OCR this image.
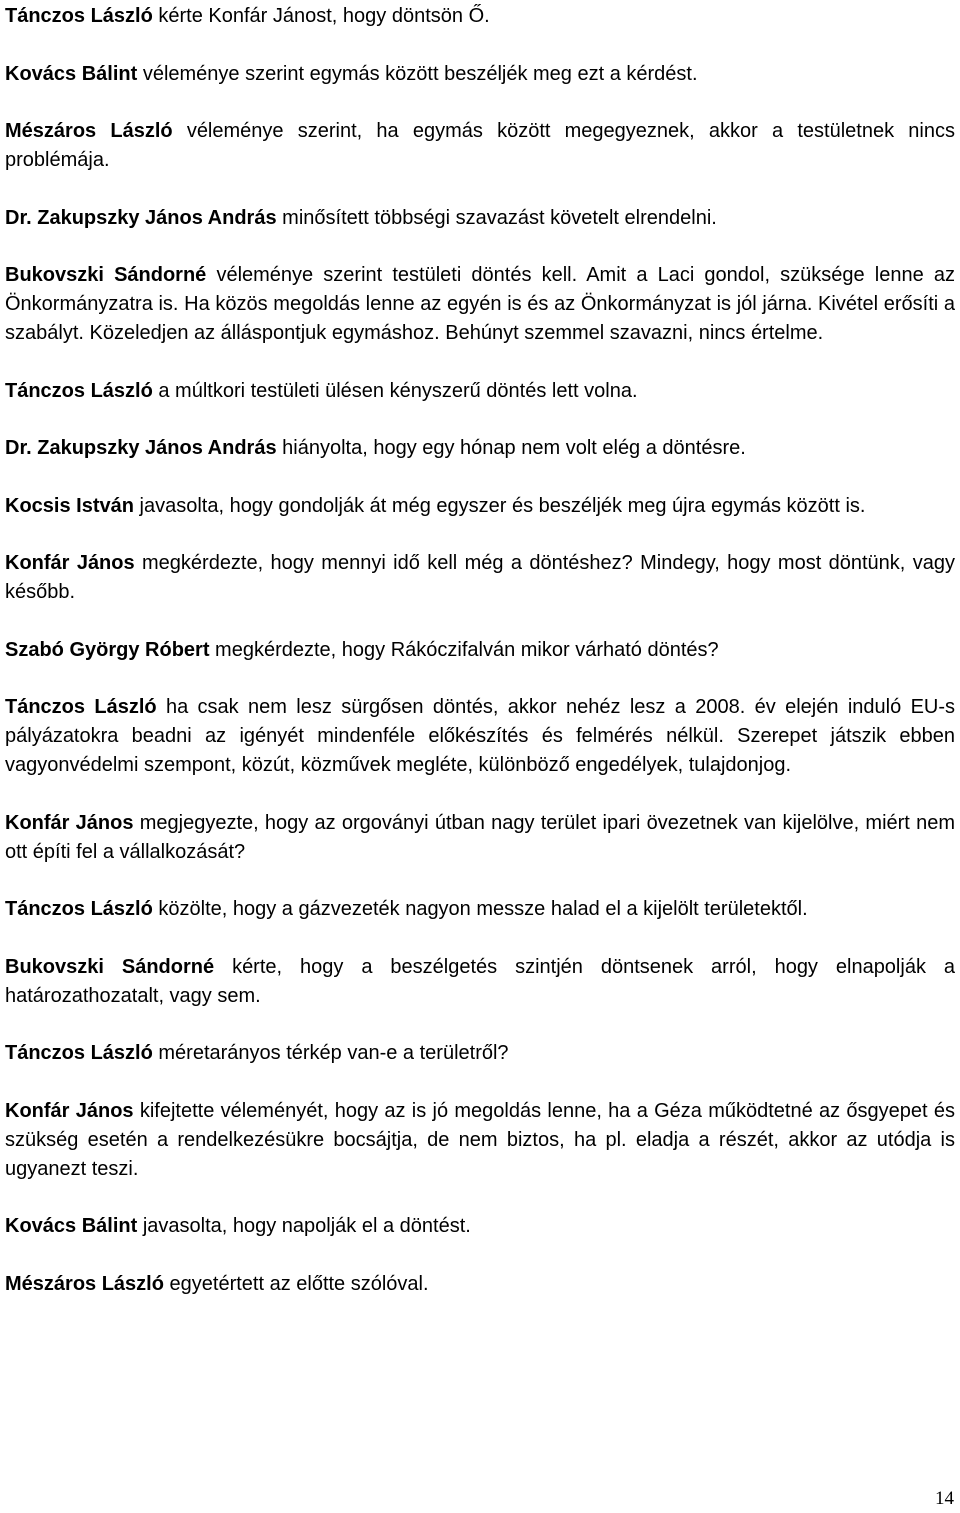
Tánczos László kérte Konfár Jánost, hogy döntsön Ő.

Kovács Bálint véleménye szerint egymás között beszéljék meg ezt a kérdést.

Mészáros László véleménye szerint, ha egymás között megegyeznek, akkor a testületnek nincs problémája.

Dr. Zakupszky János András minősített többségi szavazást követelt elrendelni.

Bukovszki Sándorné véleménye szerint testületi döntés kell. Amit a Laci gondol, szüksége lenne az Önkormányzatra is. Ha közös megoldás lenne az egyén is és az Önkormányzat is jól járna. Kivétel erősíti a szabályt. Közeledjen az álláspontjuk egymáshoz. Behúnyt szemmel szavazni, nincs értelme.

Tánczos László a múltkori testületi ülésen kényszerű döntés lett volna.

Dr. Zakupszky János András hiányolta, hogy egy hónap nem volt elég a döntésre.

Kocsis István javasolta, hogy gondolják át még egyszer és beszéljék meg újra egymás között is.

Konfár János megkérdezte, hogy mennyi idő kell még a döntéshez? Mindegy, hogy most döntünk, vagy később.

Szabó György Róbert megkérdezte, hogy Rákóczifalván mikor várható döntés?

Tánczos László ha csak nem lesz sürgősen döntés, akkor nehéz lesz a 2008. év elején induló EU-s pályázatokra beadni az igényét mindenféle előkészítés és felmérés nélkül. Szerepet játszik ebben vagyonvédelmi szempont, közút, közművek megléte, különböző engedélyek, tulajdonjog.

Konfár János megjegyezte, hogy az orgoványi útban nagy terület ipari övezetnek van kijelölve, miért nem ott építi fel a vállalkozását?

Tánczos László közölte, hogy a gázvezeték nagyon messze halad el a kijelölt területektől.

Bukovszki Sándorné kérte, hogy a beszélgetés szintjén döntsenek arról, hogy elnapolják a határozathozatalt, vagy sem.

Tánczos László méretarányos térkép van-e a területről?

Konfár János kifejtette véleményét, hogy az is jó megoldás lenne, ha a Géza működtetné az ősgyepet és szükség esetén a rendelkezésükre bocsájtja, de nem biztos, ha pl. eladja a részét, akkor az utódja is ugyanezt teszi.

Kovács Bálint javasolta, hogy napolják el a döntést.

Mészáros László egyetértett az előtte szólóval.

14
